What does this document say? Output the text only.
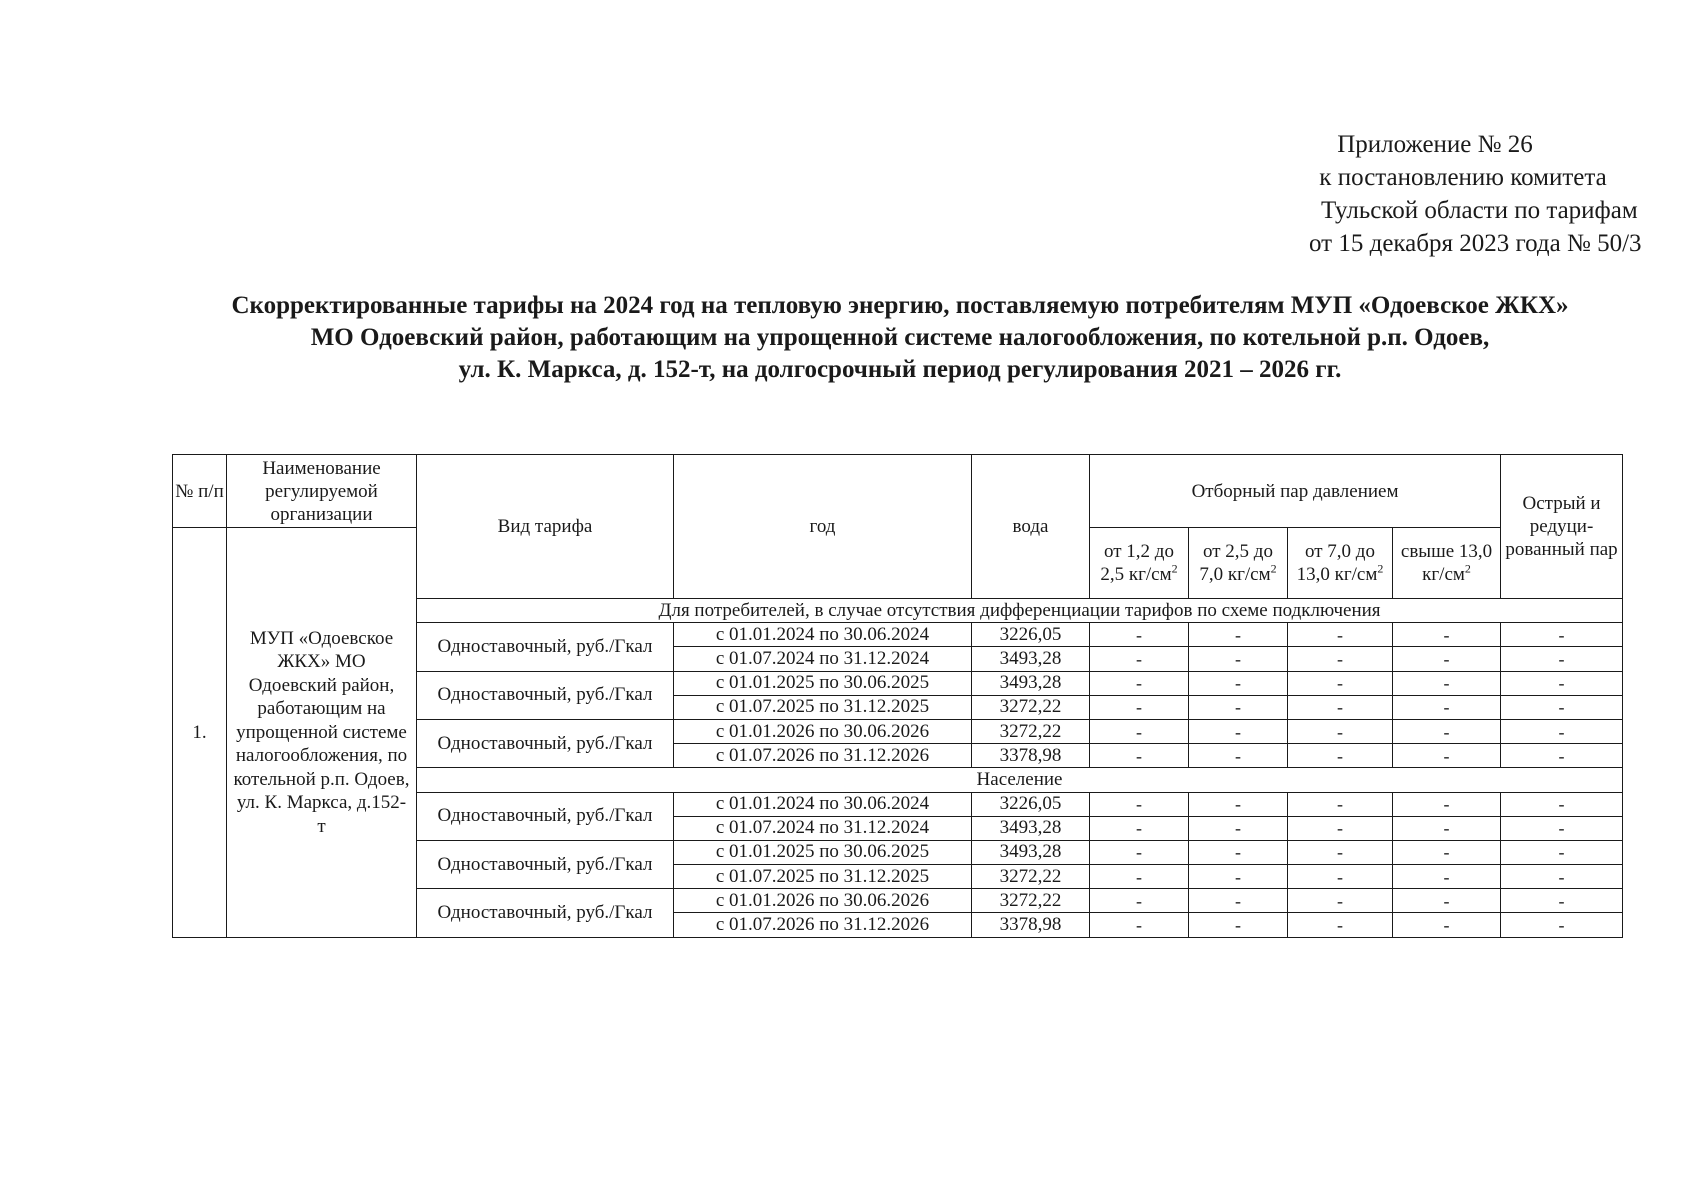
Приложение № 26
к постановлению комитета
Тульской области по тарифам
от 15 декабря 2023 года № 50/3
Скорректированные тарифы на 2024 год на тепловую энергию, поставляемую потребителям МУП «Одоевское ЖКХ»
МО Одоевский район, работающим на упрощенной системе налогообложения, по котельной р.п. Одоев,
ул. К. Маркса, д. 152-т, на долгосрочный период регулирования 2021 – 2026 гг.
№ п/п	Наименование регулируемой организации	Вид тарифа	год	вода	Отборный пар давлением				Острый и редуци-рованный пар
1.	МУП «Одоевское ЖКХ» МО Одоевский район, работающим на упрощенной системе налогообложения, по котельной р.п. Одоев, ул. К. Маркса, д.152-т				от 1,2 до 2,5 $кг/см^2$	от 2,5 до 7,0 $кг/см^2$	от 7,0 до 13,0 $кг/см^2$	свыше 13,0 $кг/см^2$
		Для потребителей, в случае отсутствия дифференциации тарифов по схеме подключения							
		Одноставочный, руб./Гкал	с 01.01.2024 по 30.06.2024	3226,05	-	-	-	-	-
			с 01.07.2024 по 31.12.2024	3493,28	-	-	-	-	-
		Одноставочный, руб./Гкал	с 01.01.2025 по 30.06.2025	3493,28	-	-	-	-	-
			с 01.07.2025 по 31.12.2025	3272,22	-	-	-	-	-
		Одноставочный, руб./Гкал	с 01.01.2026 по 30.06.2026	3272,22	-	-	-	-	-
			с 01.07.2026 по 31.12.2026	3378,98	-	-	-	-	-
		Население							
		Одноставочный, руб./Гкал	с 01.01.2024 по 30.06.2024	3226,05	-	-	-	-	-
			с 01.07.2024 по 31.12.2024	3493,28	-	-	-	-	-
		Одноставочный, руб./Гкал	с 01.01.2025 по 30.06.2025	3493,28	-	-	-	-	-
			с 01.07.2025 по 31.12.2025	3272,22	-	-	-	-	-
		Одноставочный, руб./Гкал	с 01.01.2026 по 30.06.2026	3272,22	-	-	-	-	-
			с 01.07.2026 по 31.12.2026	3378,98	-	-	-	-	-
